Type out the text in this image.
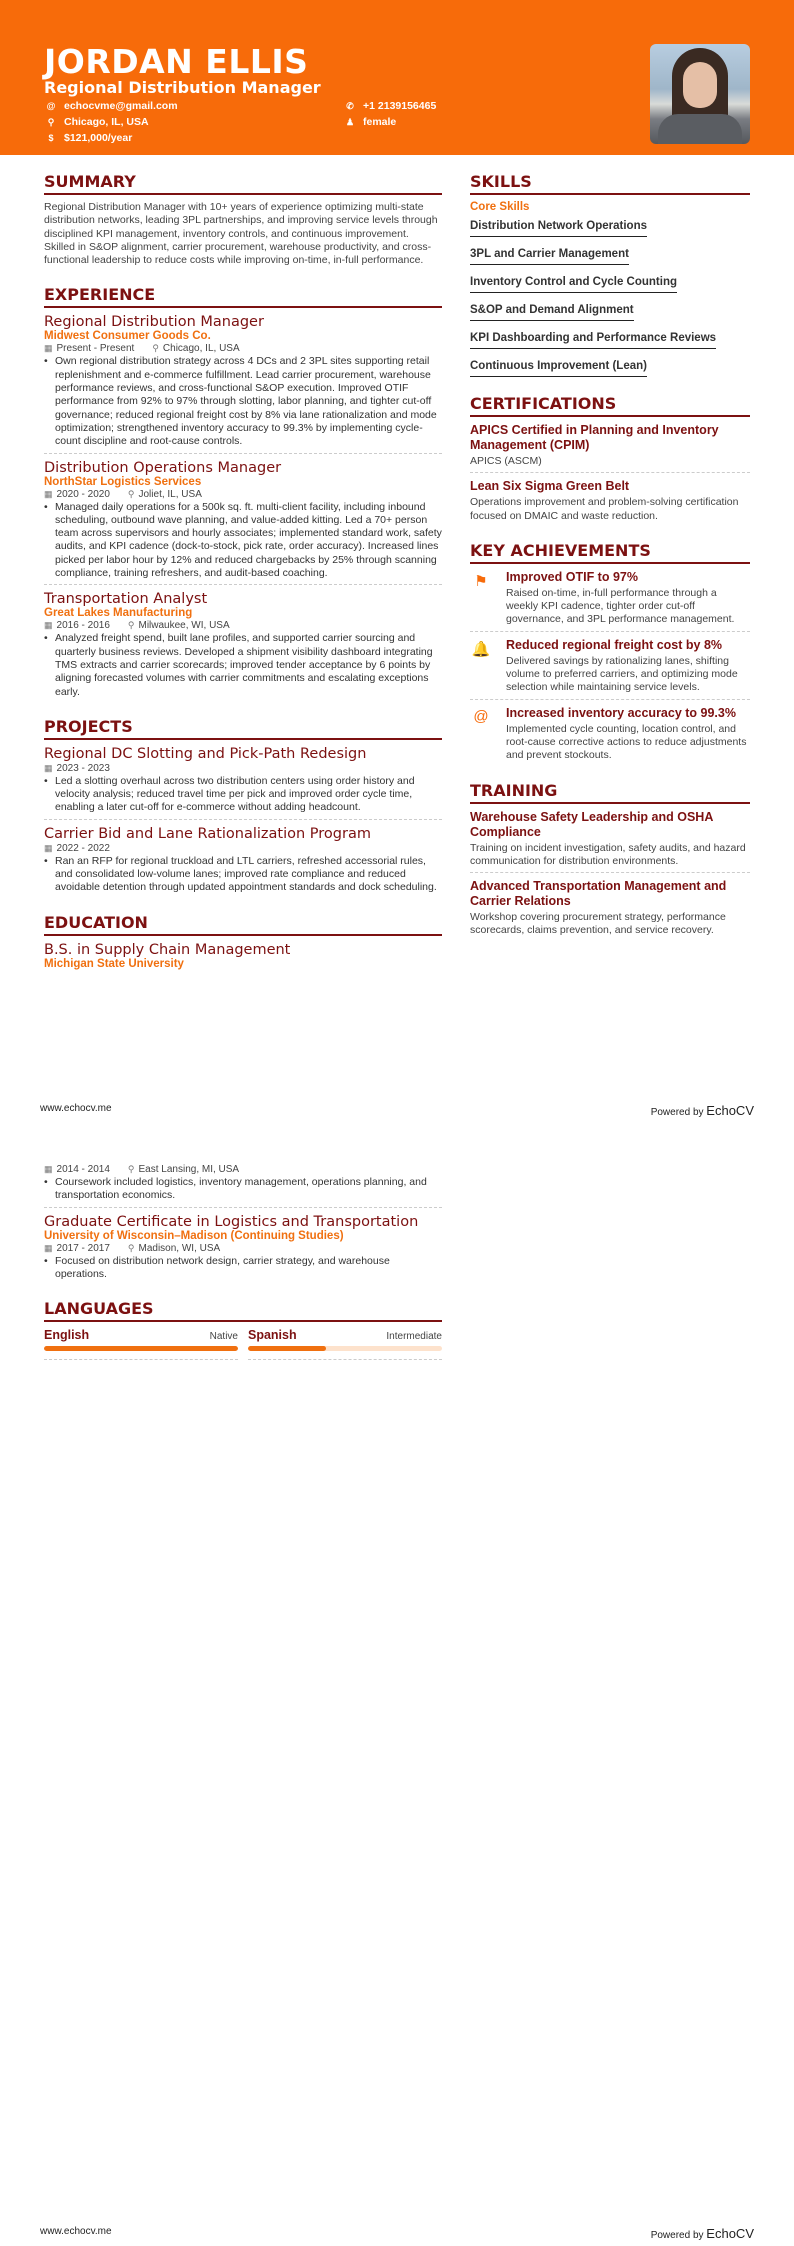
JORDAN ELLIS
Regional Distribution Manager
@ echocvme@gmail.com
⚲ Chicago, IL, USA
$ $121,000/year
✆ +1 2139156465
♟ female
SUMMARY

Regional Distribution Manager with 10+ years of experience optimizing multi-state distribution networks, leading 3PL partnerships, and improving service levels through disciplined KPI management, inventory controls, and continuous improvement.

Skilled in S&OP alignment, carrier procurement, warehouse productivity, and cross-functional leadership to reduce costs while improving on-time, in-full performance.

EXPERIENCE
Regional Distribution Manager
Midwest Consumer Goods Co.
▦ Present - Present ⚲ Chicago, IL, USA
• Own regional distribution strategy across 4 DCs and 2 3PL sites supporting retail replenishment and e-commerce fulfillment. Lead carrier procurement, warehouse performance reviews, and cross-functional S&OP execution. Improved OTIF performance from 92% to 97% through slotting, labor planning, and tighter cut-off governance; reduced regional freight cost by 8% via lane rationalization and mode optimization; strengthened inventory accuracy to 99.3% by implementing cycle-count discipline and root-cause controls.
Distribution Operations Manager
NorthStar Logistics Services
▦ 2020 - 2020 ⚲ Joliet, IL, USA
• Managed daily operations for a 500k sq. ft. multi-client facility, including inbound scheduling, outbound wave planning, and value-added kitting. Led a 70+ person team across supervisors and hourly associates; implemented standard work, safety audits, and KPI cadence (dock-to-stock, pick rate, order accuracy). Increased lines picked per labor hour by 12% and reduced chargebacks by 25% through scanning compliance, training refreshers, and audit-based coaching.
Transportation Analyst
Great Lakes Manufacturing
▦ 2016 - 2016 ⚲ Milwaukee, WI, USA
• Analyzed freight spend, built lane profiles, and supported carrier sourcing and quarterly business reviews. Developed a shipment visibility dashboard integrating TMS extracts and carrier scorecards; improved tender acceptance by 6 points by aligning forecasted volumes with carrier commitments and escalating exceptions early.
PROJECTS
Regional DC Slotting and Pick-Path Redesign
▦ 2023 - 2023
• Led a slotting overhaul across two distribution centers using order history and velocity analysis; reduced travel time per pick and improved order cycle time, enabling a later cut-off for e-commerce without adding headcount.
Carrier Bid and Lane Rationalization Program
▦ 2022 - 2022
• Ran an RFP for regional truckload and LTL carriers, refreshed accessorial rules, and consolidated low-volume lanes; improved rate compliance and reduced avoidable detention through updated appointment standards and dock scheduling.
EDUCATION
B.S. in Supply Chain Management
Michigan State University
SKILLS
Core Skills
Distribution Network Operations
3PL and Carrier Management
Inventory Control and Cycle Counting
S&OP and Demand Alignment
KPI Dashboarding and Performance Reviews
Continuous Improvement (Lean)
CERTIFICATIONS
APICS Certified in Planning and Inventory Management (CPIM)
APICS (ASCM)
Lean Six Sigma Green Belt
Operations improvement and problem-solving certification focused on DMAIC and waste reduction.
KEY ACHIEVEMENTS
⚑	Improved OTIF to 97%
Raised on-time, in-full performance through a weekly KPI cadence, tighter order cut-off governance, and 3PL performance management.
🔔 Reduced regional freight cost by 8%
Delivered savings by rationalizing lanes, shifting volume to preferred carriers, and optimizing mode selection while maintaining service levels.
@ Increased inventory accuracy to 99.3%
Implemented cycle counting, location control, and root-cause corrective actions to reduce adjustments and prevent stockouts.
TRAINING
Warehouse Safety Leadership and OSHA Compliance
Training on incident investigation, safety audits, and hazard communication for distribution environments.
Advanced Transportation Management and Carrier Relations
Workshop covering procurement strategy, performance scorecards, claims prevention, and service recovery.
www.echocv.me	Powered by EchoCV
▦ 2014 - 2014 ⚲ East Lansing, MI, USA
• Coursework included logistics, inventory management, operations planning, and transportation economics.
Graduate Certificate in Logistics and Transportation
University of Wisconsin–Madison (Continuing Studies)
▦ 2017 - 2017 ⚲ Madison, WI, USA
• Focused on distribution network design, carrier strategy, and warehouse operations.
LANGUAGES
English	Native Spanish	Intermediate
www.echocv.me	Powered by EchoCV
